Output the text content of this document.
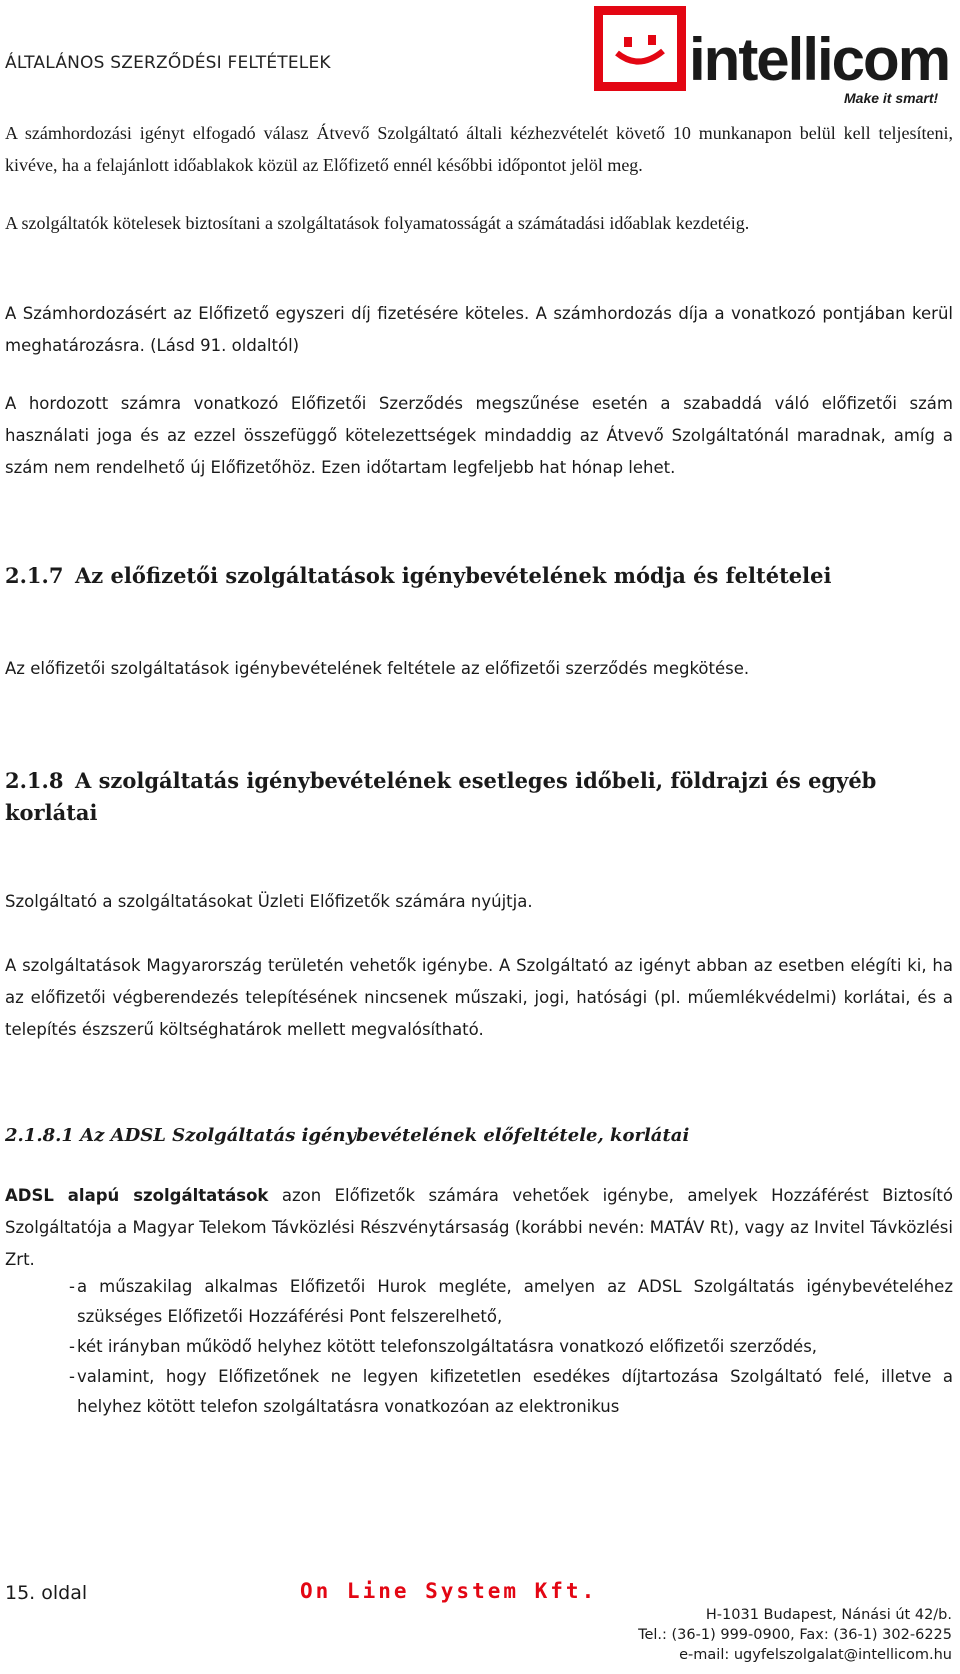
ÁLTALÁNOS SZERZŐDÉSI FELTÉTELEK	intellicom
Make it smart!

A számhordozási igényt elfogadó válasz Átvevő Szolgáltató általi kézhezvételét követő 10 munkanapon belül kell teljesíteni, kivéve, ha a felajánlott időablakok közül az Előfizető ennél későbbi időpontot jelöl meg.

A szolgáltatók kötelesek biztosítani a szolgáltatások folyamatosságát a számátadási időablak kezdetéig.

A Számhordozásért az Előfizető egyszeri díj fizetésére köteles. A számhordozás díja a vonatkozó pontjában kerül meghatározásra. (Lásd 91. oldaltól)

A hordozott számra vonatkozó Előfizetői Szerződés megszűnése esetén a szabaddá váló előfizetői szám használati joga és az ezzel összefüggő kötelezettségek mindaddig az Átvevő Szolgáltatónál maradnak, amíg a szám nem rendelhető új Előfizetőhöz. Ezen időtartam legfeljebb hat hónap lehet.

2.1.7 Az előfizetői szolgáltatások igénybevételének módja és feltételei

Az előfizetői szolgáltatások igénybevételének feltétele az előfizetői szerződés megkötése.

2.1.8 A szolgáltatás igénybevételének esetleges időbeli, földrajzi és egyéb korlátai

Szolgáltató a szolgáltatásokat Üzleti Előfizetők számára nyújtja.

A szolgáltatások Magyarország területén vehetők igénybe. A Szolgáltató az igényt abban az esetben elégíti ki, ha az előfizetői végberendezés telepítésének nincsenek műszaki, jogi, hatósági (pl. műemlékvédelmi) korlátai, és a telepítés észszerű költséghatárok mellett megvalósítható.

2.1.8.1 Az ADSL Szolgáltatás igénybevételének előfeltétele, korlátai

ADSL alapú szolgáltatások azon Előfizetők számára vehetőek igénybe, amelyek Hozzáférést Biztosító Szolgáltatója a Magyar Telekom Távközlési Részvénytársaság (korábbi nevén: MATÁV Rt), vagy az Invitel Távközlési Zrt.

- a műszakilag alkalmas Előfizetői Hurok megléte, amelyen az ADSL Szolgáltatás igénybevételéhez szükséges Előfizetői Hozzáférési Pont felszerelhető,
- két irányban működő helyhez kötött telefonszolgáltatásra vonatkozó előfizetői szerződés,
- valamint, hogy Előfizetőnek ne legyen kifizetetlen esedékes díjtartozása Szolgáltató felé, illetve a helyhez kötött telefon szolgáltatásra vonatkozóan az elektronikus
15. oldal	On Line System Kft.
H-1031 Budapest, Nánási út 42/b.
Tel.: (36-1) 999-0900, Fax: (36-1) 302-6225
e-mail: ugyfelszolgalat@intellicom.hu
